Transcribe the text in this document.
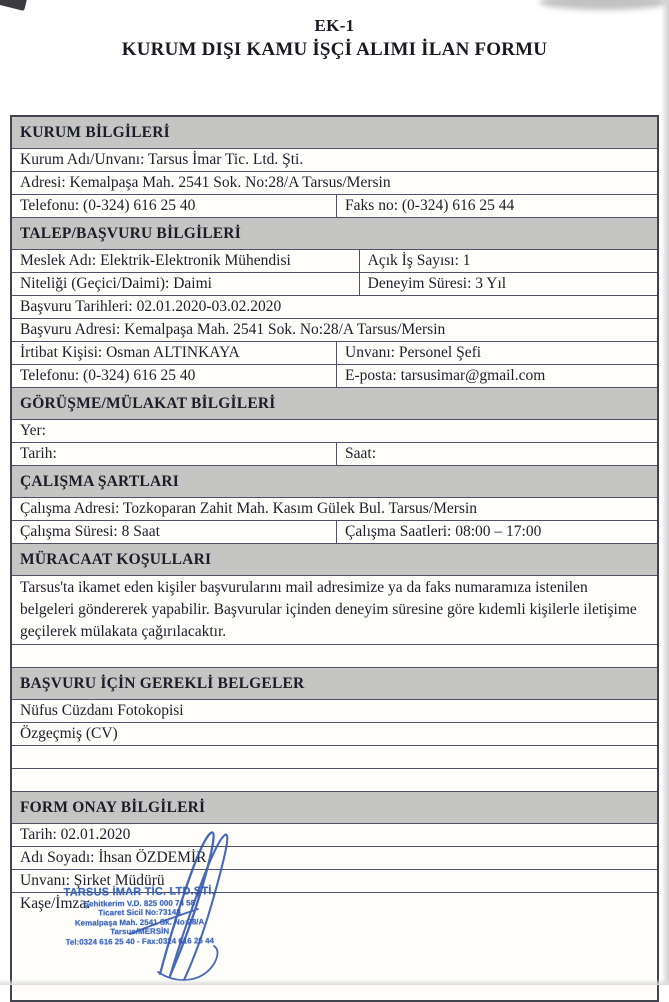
EK-1
KURUM DIŞI KAMU İŞÇİ ALIMI İLAN FORMU
KURUM BİLGİLERİ
Kurum Adı/Unvanı: Tarsus İmar Tic. Ltd. Şti.
Adresi: Kemalpaşa Mah. 2541 Sok. No:28/A Tarsus/Mersin
Telefonu: (0-324) 616 25 40	Faks no: (0-324) 616 25 44
TALEP/BAŞVURU BİLGİLERİ
Meslek Adı: Elektrik-Elektronik Mühendisi	Açık İş Sayısı: 1
Niteliği (Geçici/Daimi): Daimi	Deneyim Süresi: 3 Yıl
Başvuru Tarihleri: 02.01.2020-03.02.2020
Başvuru Adresi: Kemalpaşa Mah. 2541 Sok. No:28/A Tarsus/Mersin
İrtibat Kişisi: Osman ALTINKAYA	Unvanı: Personel Şefi
Telefonu: (0-324) 616 25 40	E-posta: tarsusimar@gmail.com
GÖRÜŞME/MÜLAKAT BİLGİLERİ
Yer:
Tarih:	Saat:
ÇALIŞMA ŞARTLARI
Çalışma Adresi: Tozkoparan Zahit Mah. Kasım Gülek Bul. Tarsus/Mersin
Çalışma Süresi: 8 Saat	Çalışma Saatleri: 08:00 – 17:00
MÜRACAAT KOŞULLARI
Tarsus'ta ikamet eden kişiler başvurularını mail adresimize ya da faks numaramıza istenilen belgeleri göndererek yapabilir. Başvurular içinden deneyim süresine göre kıdemli kişilerle iletişime geçilerek mülakata çağırılacaktır.
BAŞVURU İÇİN GEREKLİ BELGELER
Nüfus Cüzdanı Fotokopisi
Özgeçmiş (CV)
FORM ONAY BİLGİLERİ
Tarih: 02.01.2020
Adı Soyadı: İhsan ÖZDEMİR
Unvanı: Şirket Müdürü
Kaşe/İmza:
TARSUS İMAR TİC. LTD.ŞTİ.
Şehitkerim V.D. 825 000 74 58
Ticaret Sicil No:73148
Kemalpaşa Mah. 2541 Sk. No:28/A
Tarsus/MERSİN
Tel:0324 616 25 40 - Fax:0324 616 25 44
